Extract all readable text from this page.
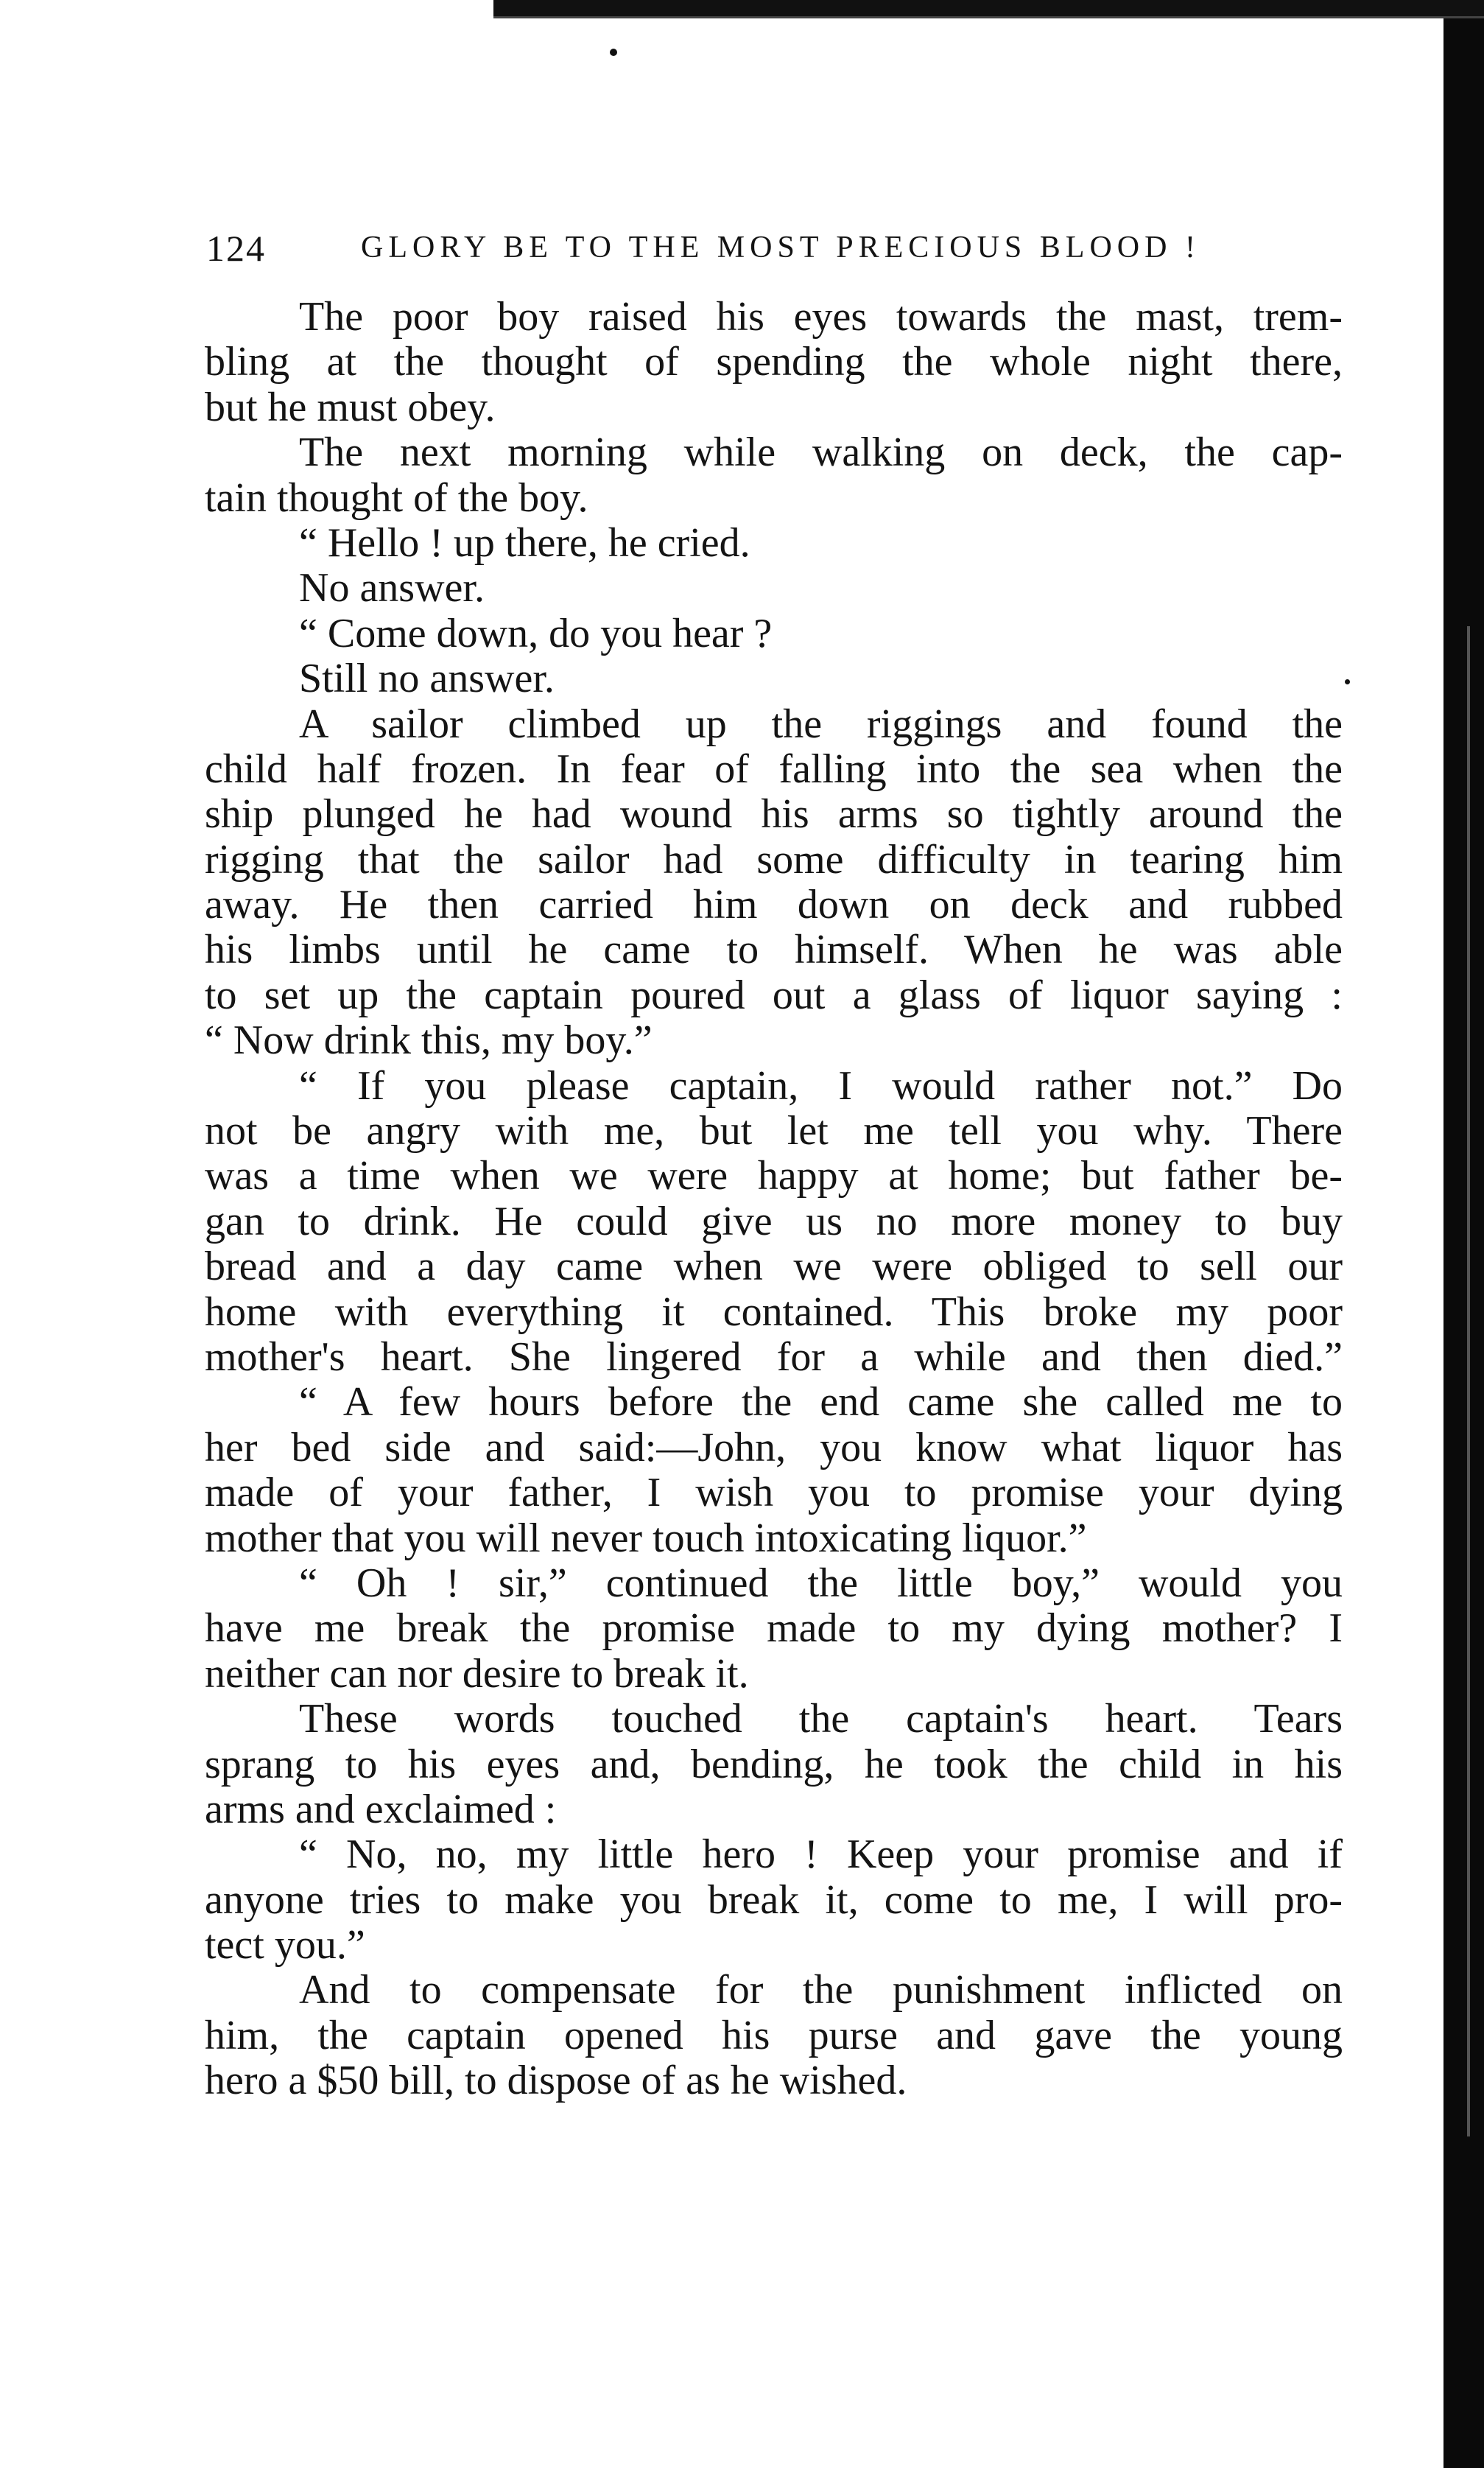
124	GLORY BE TO THE MOST PRECIOUS BLOOD !
The poor boy raised his eyes towards the mast, trem-
bling at the thought of spending the whole night there,
but he must obey.
The next morning while walking on deck, the cap-
tain thought of the boy.
“ Hello ! up there, he cried.
No answer.
“ Come down, do you hear ?
Still no answer.
A sailor climbed up the riggings and found the
child half frozen. In fear of falling into the sea when the
ship plunged he had wound his arms so tightly around the
rigging that the sailor had some difficulty in tearing him
away. He then carried him down on deck and rubbed
his limbs until he came to himself. When he was able
to set up the captain poured out a glass of liquor saying :
“ Now drink this, my boy.”
“ If you please captain, I would rather not.” Do
not be angry with me, but let me tell you why. There
was a time when we were happy at home; but father be-
gan to drink. He could give us no more money to buy
bread and a day came when we were obliged to sell our
home with everything it contained. This broke my poor
mother's heart. She lingered for a while and then died.”
“ A few hours before the end came she called me to
her bed side and said:—John, you know what liquor has
made of your father, I wish you to promise your dying
mother that you will never touch intoxicating liquor.”
“ Oh ! sir,” continued the little boy,” would you
have me break the promise made to my dying mother? I
neither can nor desire to break it.
These words touched the captain's heart. Tears
sprang to his eyes and, bending, he took the child in his
arms and exclaimed :
“ No, no, my little hero ! Keep your promise and if
anyone tries to make you break it, come to me, I will pro-
tect you.”
And to compensate for the punishment inflicted on
him, the captain opened his purse and gave the young
hero a $50 bill, to dispose of as he wished.
